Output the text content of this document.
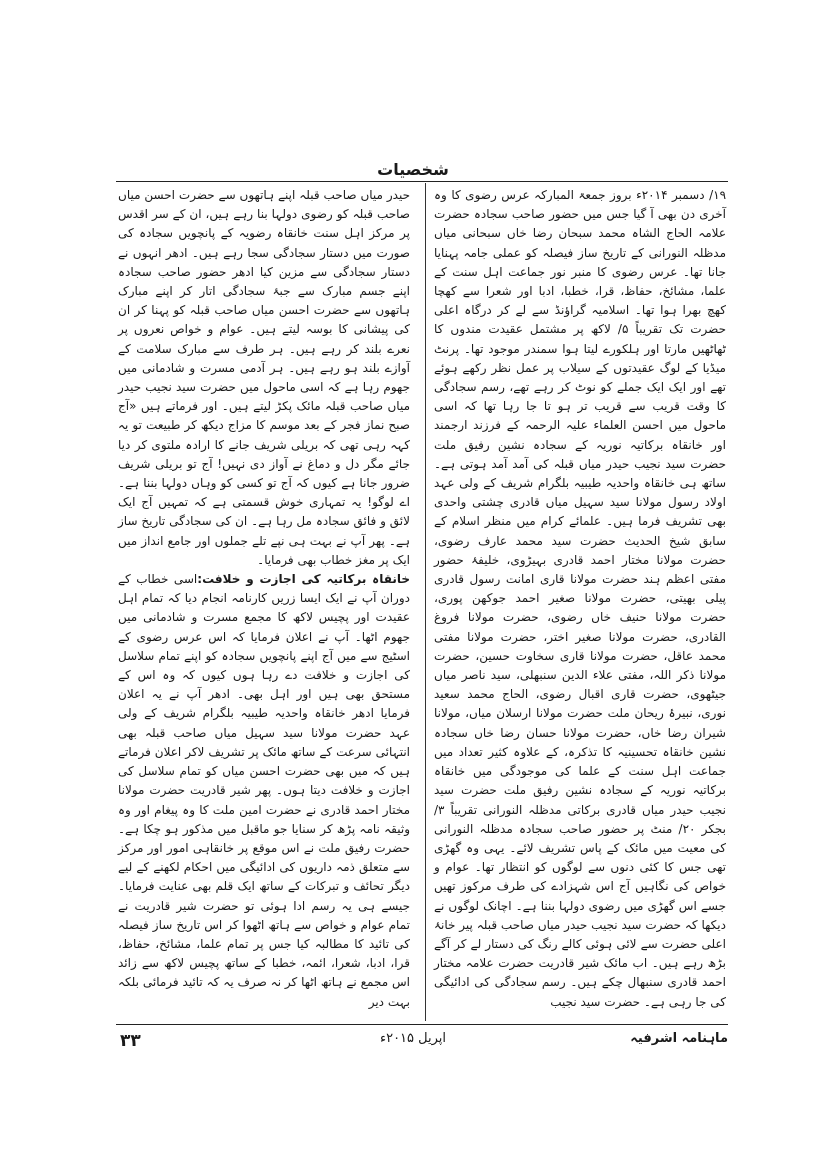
شخصیات

۱۹/ دسمبر ۲۰۱۴ء بروز جمعۃ المبارکہ عرس رضوی کا وہ آخری دن بھی آ گیا جس میں حضور صاحب سجادہ حضرت علامہ الحاج الشاہ محمد سبحان رضا خاں سبحانی میاں مدظلہ النورانی کے تاریخ ساز فیصلہ کو عملی جامہ پہنایا جانا تھا۔ عرس رضوی کا منبر نور جماعت اہل سنت کے علما، مشائخ، حفاظ، قرا، خطبا، ادبا اور شعرا سے کھچا کھچ بھرا ہوا تھا۔ اسلامیہ گراؤنڈ سے لے کر درگاہ اعلی حضرت تک تقریباً ۵/ لاکھ پر مشتمل عقیدت مندوں کا ٹھاٹھیں مارتا اور ہلکورے لیتا ہوا سمندر موجود تھا۔ پرنٹ میڈیا کے لوگ عقیدتوں کے سیلاب پر عمل نظر رکھے ہوئے تھے اور ایک ایک جملے کو نوٹ کر رہے تھے، رسم سجادگی کا وقت قریب سے قریب تر ہو تا جا رہا تھا کہ اسی ماحول میں احسن العلماء علیہ الرحمہ کے فرزند ارجمند اور خانقاہ برکاتیہ نوریہ کے سجادہ نشین رفیق ملت حضرت سید نجیب حیدر میاں قبلہ کی آمد آمد ہوتی ہے۔ ساتھ ہی خانقاہ واحدیہ طیبیہ بلگرام شریف کے ولی عہد اولاد رسول مولانا سید سہیل میاں قادری چشتی واحدی بھی تشریف فرما ہیں۔ علمائے کرام میں منظر اسلام کے سابق شیخ الحدیث حضرت سید محمد عارف رضوی، حضرت مولانا مختار احمد قادری بہیڑوی، خلیفۂ حضور مفتی اعظم ہند حضرت مولانا قاری امانت رسول قادری پیلی بھیتی، حضرت مولانا صغیر احمد جوکھن پوری، حضرت مولانا حنیف خاں رضوی، حضرت مولانا فروغ القادری، حضرت مولانا صغیر اختر، حضرت مولانا مفتی محمد عاقل، حضرت مولانا قاری سخاوت حسین، حضرت مولانا ذکر اللہ، مفتی علاء الدین سنبھلی، سید ناصر میاں جیٹھوی، حضرت قاری اقبال رضوی، الحاج محمد سعید نوری، نبیرۂ ریحان ملت حضرت مولانا ارسلان میاں، مولانا شیران رضا خاں، حضرت مولانا حسان رضا خاں سجادہ نشین خانقاہ تحسینیہ کا تذکرہ، کے علاوہ کثیر تعداد میں جماعت اہل سنت کے علما کی موجودگی میں خانقاہ برکاتیہ نوریہ کے سجادہ نشین رفیق ملت حضرت سید نجیب حیدر میاں قادری برکاتی مدظلہ النورانی تقریباً ۳/ بجکر ۲۰/ منٹ پر حضور صاحب سجادہ مدظلہ النورانی کی معیت میں مائک کے پاس تشریف لائے۔ یہی وہ گھڑی تھی جس کا کئی دنوں سے لوگوں کو انتظار تھا۔ عوام و خواص کی نگاہیں آج اس شہزادے کی طرف مرکوز تھیں جسے اس گھڑی میں رضوی دولہا بننا ہے۔ اچانک لوگوں نے دیکھا کہ حضرت سید نجیب حیدر میاں صاحب قبلہ پیر خانۂ اعلی حضرت سے لائی ہوئی کالے رنگ کی دستار لے کر آگے بڑھ رہے ہیں۔ اب مائک شیر قادریت حضرت علامہ مختار احمد قادری سنبھال چکے ہیں۔ رسم سجادگی کی ادائیگی کی جا رہی ہے۔ حضرت سید نجیب

حیدر میاں صاحب قبلہ اپنے ہاتھوں سے حضرت احسن میاں صاحب قبلہ کو رضوی دولہا بنا رہے ہیں، ان کے سر اقدس پر مرکز اہل سنت خانقاہ رضویہ کے پانچویں سجادہ کی صورت میں دستار سجادگی سجا رہے ہیں۔ ادھر انہوں نے دستار سجادگی سے مزین کیا ادھر حضور صاحب سجادہ اپنے جسم مبارک سے جبۂ سجادگی اتار کر اپنے مبارک ہاتھوں سے حضرت احسن میاں صاحب قبلہ کو پہنا کر ان کی پیشانی کا بوسہ لیتے ہیں۔ عوام و خواص نعروں پر نعرے بلند کر رہے ہیں۔ ہر طرف سے مبارک سلامت کے آوازے بلند ہو رہے ہیں۔ ہر آدمی مسرت و شادمانی میں جھوم رہا ہے کہ اسی ماحول میں حضرت سید نجیب حیدر میاں صاحب قبلہ مائک پکڑ لیتے ہیں۔ اور فرماتے ہیں «آج صبح نماز فجر کے بعد موسم کا مزاج دیکھ کر طبیعت تو یہ کہہ رہی تھی کہ بریلی شریف جانے کا ارادہ ملتوی کر دیا جائے مگر دل و دماغ نے آواز دی نہیں! آج تو بریلی شریف ضرور جانا ہے کیوں کہ آج تو کسی کو وہاں دولہا بننا ہے۔ اے لوگو! یہ تمہاری خوش قسمتی ہے کہ تمہیں آج ایک لائق و فائق سجادہ مل رہا ہے۔ ان کی سجادگی تاریخ ساز ہے۔ پھر آپ نے بہت ہی نپے تلے جملوں اور جامع انداز میں ایک پر مغز خطاب بھی فرمایا۔

خانقاہ برکاتیہ کی اجازت و خلافت:اسی خطاب کے دوران آپ نے ایک ایسا زریں کارنامہ انجام دیا کہ تمام اہل عقیدت اور پچیس لاکھ کا مجمع مسرت و شادمانی میں جھوم اٹھا۔ آپ نے اعلان فرمایا کہ اس عرس رضوی کے اسٹیج سے میں آج اپنے پانچویں سجادہ کو اپنے تمام سلاسل کی اجازت و خلافت دے رہا ہوں کیوں کہ وہ اس کے مستحق بھی ہیں اور اہل بھی۔ ادھر آپ نے یہ اعلان فرمایا ادھر خانقاہ واحدیہ طیبیہ بلگرام شریف کے ولی عہد حضرت مولانا سید سہیل میاں صاحب قبلہ بھی انتہائی سرعت کے ساتھ مائک پر تشریف لاکر اعلان فرماتے ہیں کہ میں بھی حضرت احسن میاں کو تمام سلاسل کی اجازت و خلافت دیتا ہوں۔ پھر شیر قادریت حضرت مولانا مختار احمد قادری نے حضرت امین ملت کا وہ پیغام اور وہ وثیقہ نامہ پڑھ کر سنایا جو ماقبل میں مذکور ہو چکا ہے۔ حضرت رفیق ملت نے اس موقع پر خانقاہی امور اور مرکز سے متعلق ذمہ داریوں کی ادائیگی میں احکام لکھنے کے لیے دیگر تحائف و تبرکات کے ساتھ ایک قلم بھی عنایت فرمایا۔ جیسے ہی یہ رسم ادا ہوئی تو حضرت شیر قادریت نے تمام عوام و خواص سے ہاتھ اٹھوا کر اس تاریخ ساز فیصلہ کی تائید کا مطالبہ کیا جس پر تمام علما، مشائخ، حفاظ، قرا، ادبا، شعرا، ائمہ، خطبا کے ساتھ پچیس لاکھ سے زائد اس مجمع نے ہاتھ اٹھا کر نہ صرف یہ کہ تائید فرمائی بلکہ بہت دیر

ماہنامہ اشرفیہ
اپریل ۲۰۱۵ء
۳۳
